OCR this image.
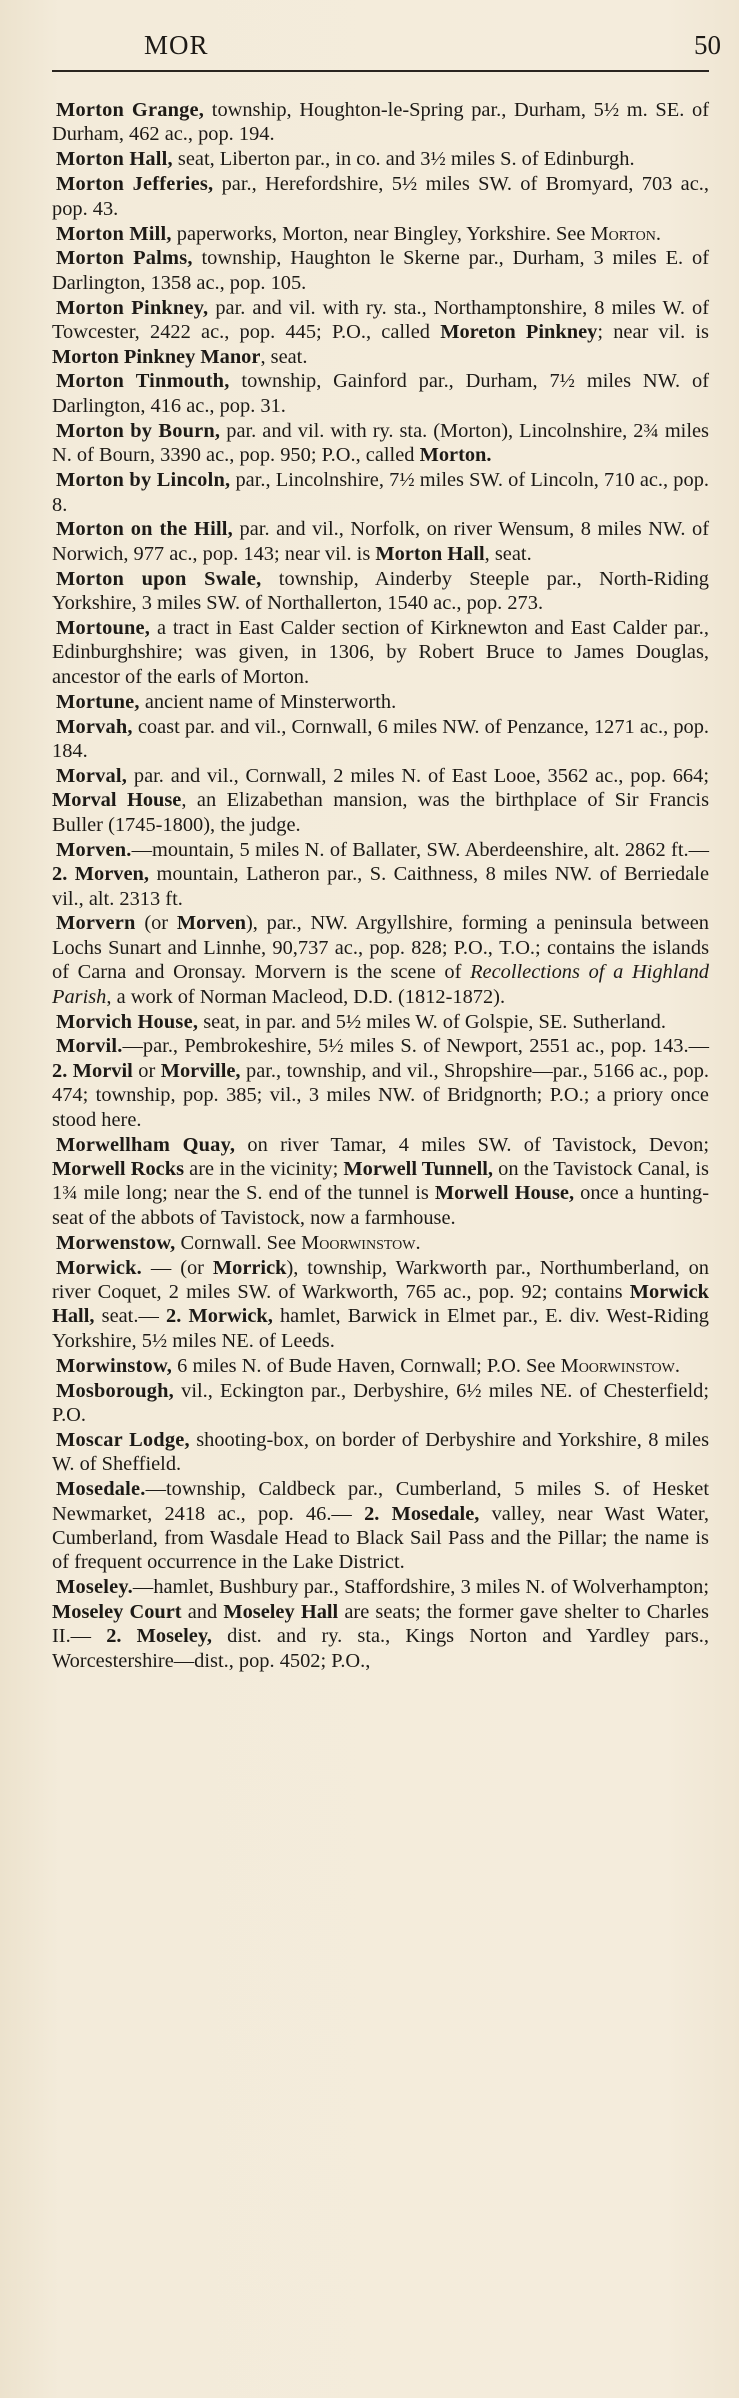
MOR	50

Morton Grange, township, Houghton-le-Spring par., Durham, 5½ m. SE. of Durham, 462 ac., pop. 194.

Morton Hall, seat, Liberton par., in co. and 3½ miles S. of Edinburgh.

Morton Jefferies, par., Herefordshire, 5½ miles SW. of Bromyard, 703 ac., pop. 43.

Morton Mill, paperworks, Morton, near Bingley, Yorkshire. See Morton.

Morton Palms, township, Haughton le Skerne par., Durham, 3 miles E. of Darlington, 1358 ac., pop. 105.

Morton Pinkney, par. and vil. with ry. sta., Northamptonshire, 8 miles W. of Towcester, 2422 ac., pop. 445; P.O., called Moreton Pinkney; near vil. is Morton Pinkney Manor, seat.

Morton Tinmouth, township, Gainford par., Durham, 7½ miles NW. of Darlington, 416 ac., pop. 31.

Morton by Bourn, par. and vil. with ry. sta. (Morton), Lincolnshire, 2¾ miles N. of Bourn, 3390 ac., pop. 950; P.O., called Morton.

Morton by Lincoln, par., Lincolnshire, 7½ miles SW. of Lincoln, 710 ac., pop. 8.

Morton on the Hill, par. and vil., Norfolk, on river Wensum, 8 miles NW. of Norwich, 977 ac., pop. 143; near vil. is Morton Hall, seat.

Morton upon Swale, township, Ainderby Steeple par., North-Riding Yorkshire, 3 miles SW. of Northallerton, 1540 ac., pop. 273.

Mortoune, a tract in East Calder section of Kirknewton and East Calder par., Edinburghshire; was given, in 1306, by Robert Bruce to James Douglas, ancestor of the earls of Morton.

Mortune, ancient name of Minsterworth.

Morvah, coast par. and vil., Cornwall, 6 miles NW. of Penzance, 1271 ac., pop. 184.

Morval, par. and vil., Cornwall, 2 miles N. of East Looe, 3562 ac., pop. 664; Morval House, an Elizabethan mansion, was the birthplace of Sir Francis Buller (1745-1800), the judge.

Morven.—mountain, 5 miles N. of Ballater, SW. Aberdeenshire, alt. 2862 ft.— 2. Morven, mountain, Latheron par., S. Caithness, 8 miles NW. of Berriedale vil., alt. 2313 ft.

Morvern (or Morven), par., NW. Argyllshire, forming a peninsula between Lochs Sunart and Linnhe, 90,737 ac., pop. 828; P.O., T.O.; contains the islands of Carna and Oronsay. Morvern is the scene of Recollections of a Highland Parish, a work of Norman Macleod, D.D. (1812-1872).

Morvich House, seat, in par. and 5½ miles W. of Golspie, SE. Sutherland.

Morvil.—par., Pembrokeshire, 5½ miles S. of Newport, 2551 ac., pop. 143.— 2. Morvil or Morville, par., township, and vil., Shropshire—par., 5166 ac., pop. 474; township, pop. 385; vil., 3 miles NW. of Bridgnorth; P.O.; a priory once stood here.

Morwellham Quay, on river Tamar, 4 miles SW. of Tavistock, Devon; Morwell Rocks are in the vicinity; Morwell Tunnell, on the Tavistock Canal, is 1¾ mile long; near the S. end of the tunnel is Morwell House, once a hunting-seat of the abbots of Tavistock, now a farmhouse.

Morwenstow, Cornwall. See Moorwinstow.

Morwick. — (or Morrick), township, Warkworth par., Northumberland, on river Coquet, 2 miles SW. of Warkworth, 765 ac., pop. 92; contains Morwick Hall, seat.— 2. Morwick, hamlet, Barwick in Elmet par., E. div. West-Riding Yorkshire, 5½ miles NE. of Leeds.

Morwinstow, 6 miles N. of Bude Haven, Cornwall; P.O. See Moorwinstow.

Mosborough, vil., Eckington par., Derbyshire, 6½ miles NE. of Chesterfield; P.O.

Moscar Lodge, shooting-box, on border of Derbyshire and Yorkshire, 8 miles W. of Sheffield.

Mosedale.—township, Caldbeck par., Cumberland, 5 miles S. of Hesket Newmarket, 2418 ac., pop. 46.— 2. Mosedale, valley, near Wast Water, Cumberland, from Wasdale Head to Black Sail Pass and the Pillar; the name is of frequent occurrence in the Lake District.

Moseley.—hamlet, Bushbury par., Staffordshire, 3 miles N. of Wolverhampton; Moseley Court and Moseley Hall are seats; the former gave shelter to Charles II.— 2. Moseley, dist. and ry. sta., Kings Norton and Yardley pars., Worcestershire—dist., pop. 4502; P.O.,
